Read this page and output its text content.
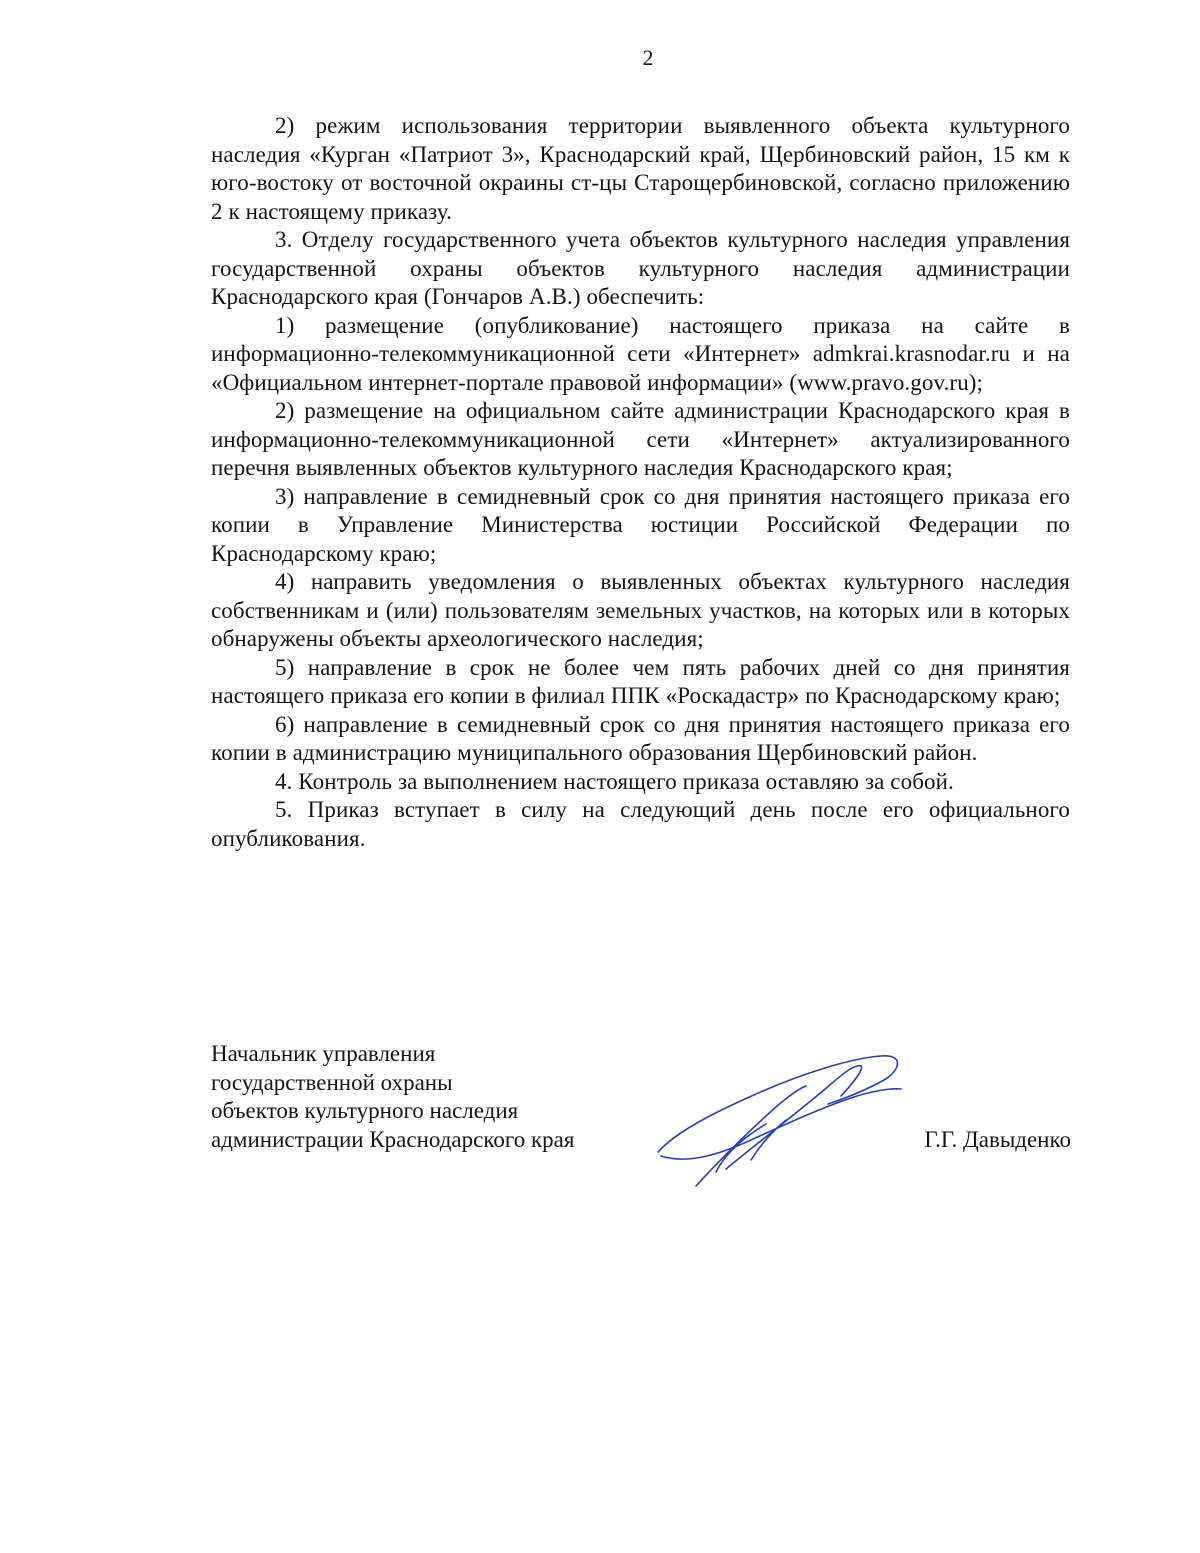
2

2) режим использования территории выявленного объекта культурного наследия «Курган «Патриот 3», Краснодарский край, Щербиновский район, 15 км к юго-востоку от восточной окраины ст-цы Старощербиновской, согласно приложению 2 к настоящему приказу.

3. Отделу государственного учета объектов культурного наследия управления государственной охраны объектов культурного наследия администрации Краснодарского края (Гончаров А.В.) обеспечить:

1) размещение (опубликование) настоящего приказа на сайте в информационно-телекоммуникационной сети «Интернет» admkrai.krasnodar.ru и на «Официальном интернет-портале правовой информации» (www.pravo.gov.ru);

2) размещение на официальном сайте администрации Краснодарского края в информационно-телекоммуникационной сети «Интернет» актуализированного перечня выявленных объектов культурного наследия Краснодарского края;

3) направление в семидневный срок со дня принятия настоящего приказа его копии в Управление Министерства юстиции Российской Федерации по Краснодарскому краю;

4) направить уведомления о выявленных объектах культурного наследия собственникам и (или) пользователям земельных участков, на которых или в которых обнаружены объекты археологического наследия;

5) направление в срок не более чем пять рабочих дней со дня принятия настоящего приказа его копии в филиал ППК «Роскадастр» по Краснодарскому краю;

6) направление в семидневный срок со дня принятия настоящего приказа его копии в администрацию муниципального образования Щербиновский район.

4. Контроль за выполнением настоящего приказа оставляю за собой.

5. Приказ вступает в силу на следующий день после его официального опубликования.

Начальник управления
государственной охраны
объектов культурного наследия
администрации Краснодарского края	Г.Г. Давыденко
